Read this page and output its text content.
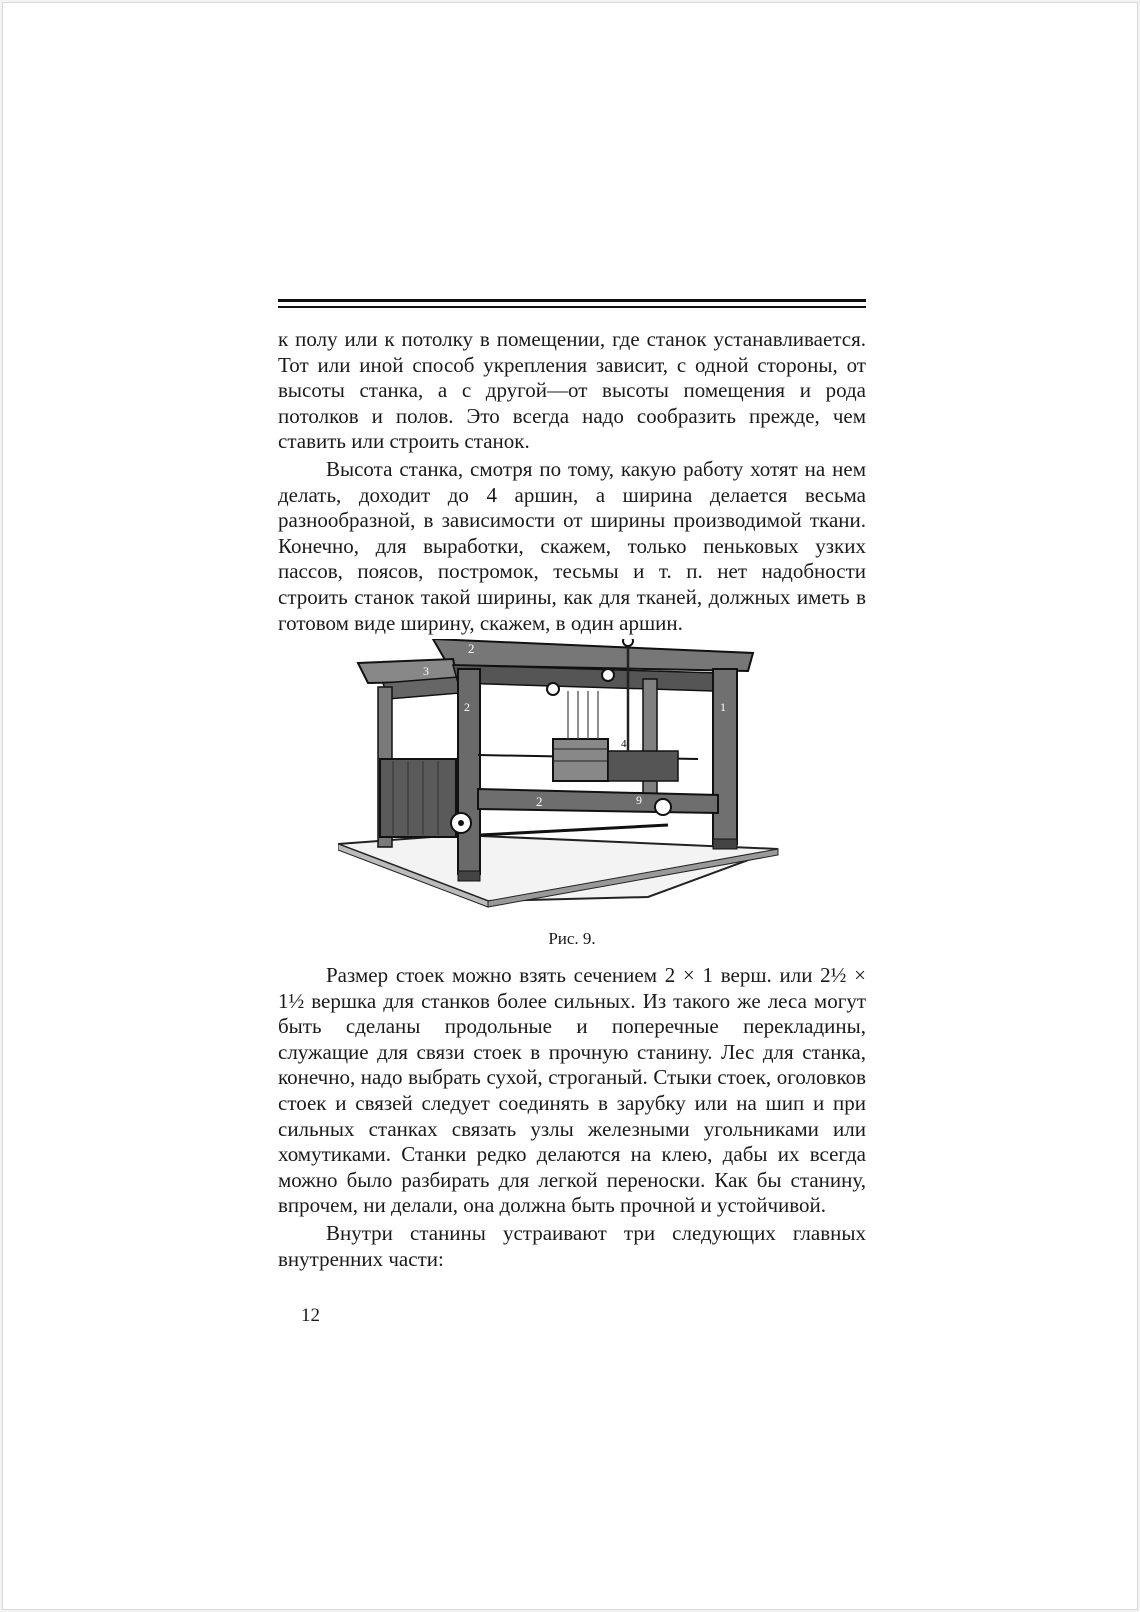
к полу или к потолку в помещении, где станок устанавливается. Тот или иной способ укрепления зависит, с одной стороны, от высоты станка, а с другой—от высоты помещения и рода потолков и полов. Это всегда надо сообразить прежде, чем ставить или строить станок.

Высота станка, смотря по тому, какую работу хотят на нем делать, доходит до 4 аршин, а ширина делается весьма разнообразной, в зависимости от ширины производимой ткани. Конечно, для выработки, скажем, только пеньковых узких пассов, поясов, постромок, тесьмы и т. п. нет надобности строить станок такой ширины, как для тканей, должных иметь в готовом виде ширину, скажем, в один аршин.

2
3
2	1
4
2	9
Рис. 9.

Размер стоек можно взять сечением 2 × 1 верш. или 2½ × 1½ вершка для станков более сильных. Из такого же леса могут быть сделаны продольные и поперечные перекладины, служащие для связи стоек в прочную станину. Лес для станка, конечно, надо выбрать сухой, строганый. Стыки стоек, оголовков стоек и связей следует соединять в зарубку или на шип и при сильных станках связать узлы железными угольниками или хомутиками. Станки редко делаются на клею, дабы их всегда можно было разбирать для легкой переноски. Как бы станину, впрочем, ни делали, она должна быть прочной и устойчивой.

Внутри станины устраивают три следующих главных внутренних части:

12
